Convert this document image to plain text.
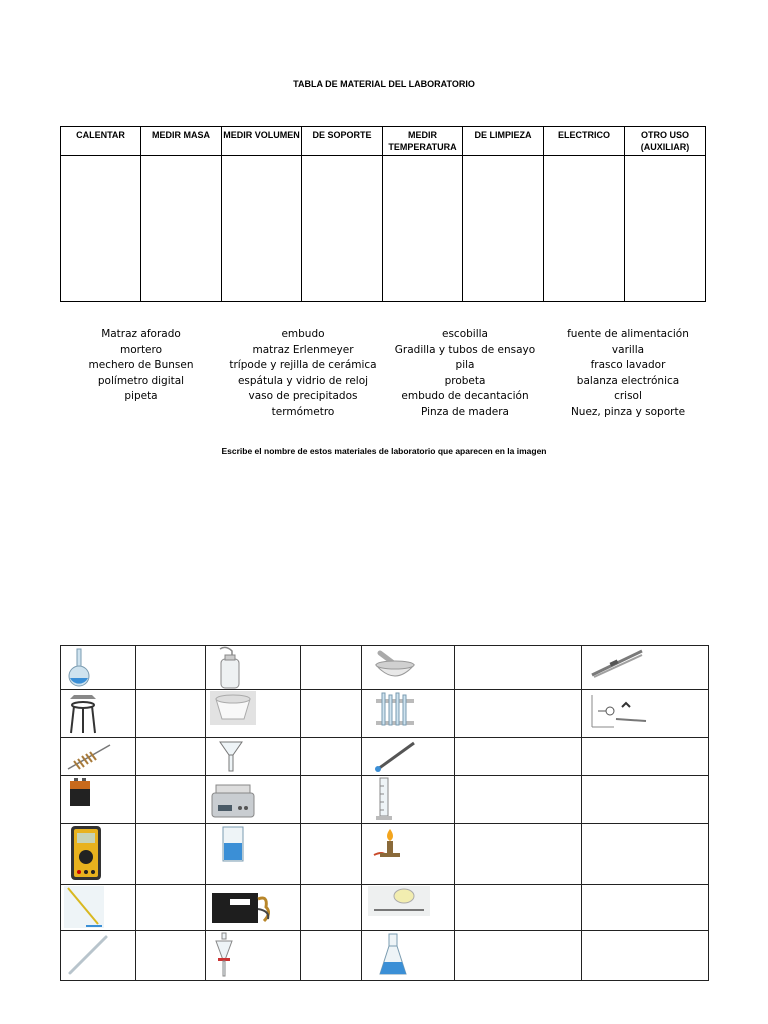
TABLA DE MATERIAL DEL LABORATORIO
CALENTAR	MEDIR MASA	MEDIR VOLUMEN	DE SOPORTE	MEDIR TEMPERATURA	DE LIMPIEZA	ELECTRICO	OTRO USO (AUXILIAR)

Matraz aforado
mortero
mechero de Bunsen
polímetro digital
pipeta
embudo
matraz Erlenmeyer
trípode y rejilla de cerámica
espátula y vidrio de reloj
vaso de precipitados
termómetro
escobilla
Gradilla y tubos de ensayo
pila
probeta
embudo de decantación
Pinza de madera
fuente de alimentación
varilla
frasco lavador
balanza electrónica
crisol
Nuez, pinza y soporte
Escribe el nombre de estos materiales de laboratorio que aparecen en la imagen
